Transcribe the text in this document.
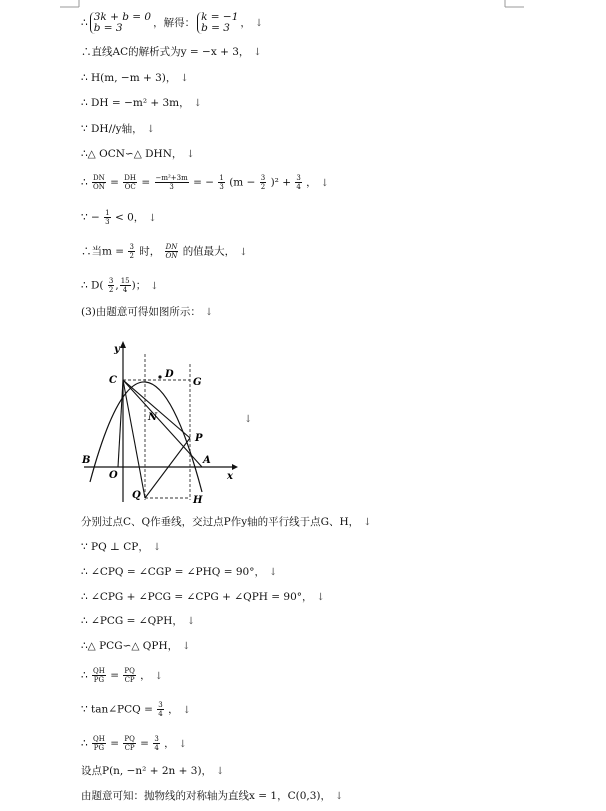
∴ 3k + b = 0
b = 3	，解得： k = −1
b = 3 ， ↓
∴直线AC的解析式为y = −x + 3， ↓
∴ H(m, −m + 3)， ↓
∴ DH = −m² + 3m， ↓
∵ DH//y轴， ↓
∴△ OCN∽△ DHN， ↓
∴ $\frac{DN}{ON} = \frac{DH}{OC} = \frac{\text{−m²+3m}}{3}$ = − $\frac{1}{3} (m - \frac{3}{2} )^2 + \frac{3}{4}$ ， ↓
∵ − $\frac{1}{3} < 0$， ↓
∴当$m = \frac{3}{2}$ 时， $\frac{DN}{ON}$ 的值最大， ↓
∴ $D( \frac{3}{2}$ , $\frac{15}{4}$ )； ↓
(3)由题意可得如图所示： ↓
y
x
C
D
G
N
P
B
O
A
Q	H
↓
分别过点C、Q作垂线，交过点P作y轴的平行线于点G、H， ↓
∵ PQ ⊥ CP， ↓
∴ ∠CPQ = ∠CGP = ∠PHQ = 90°， ↓
∴ ∠CPG + ∠PCG = ∠CPG + ∠QPH = 90°， ↓
∴ ∠PCG = ∠QPH， ↓
∴△ PCG∽△ QPH， ↓
∴ $\frac{QH}{PG} = \frac{PQ}{CP}$ ， ↓
∵ tan∠PCQ = $\frac{3}{4}$ ， ↓
∴ $\frac{QH}{PG} = \frac{PQ}{CP} = \frac{3}{4}$ ， ↓
设点P(n, −n² + 2n + 3)， ↓
由题意可知：抛物线的对称轴为直线x = 1，C(0,3)， ↓
